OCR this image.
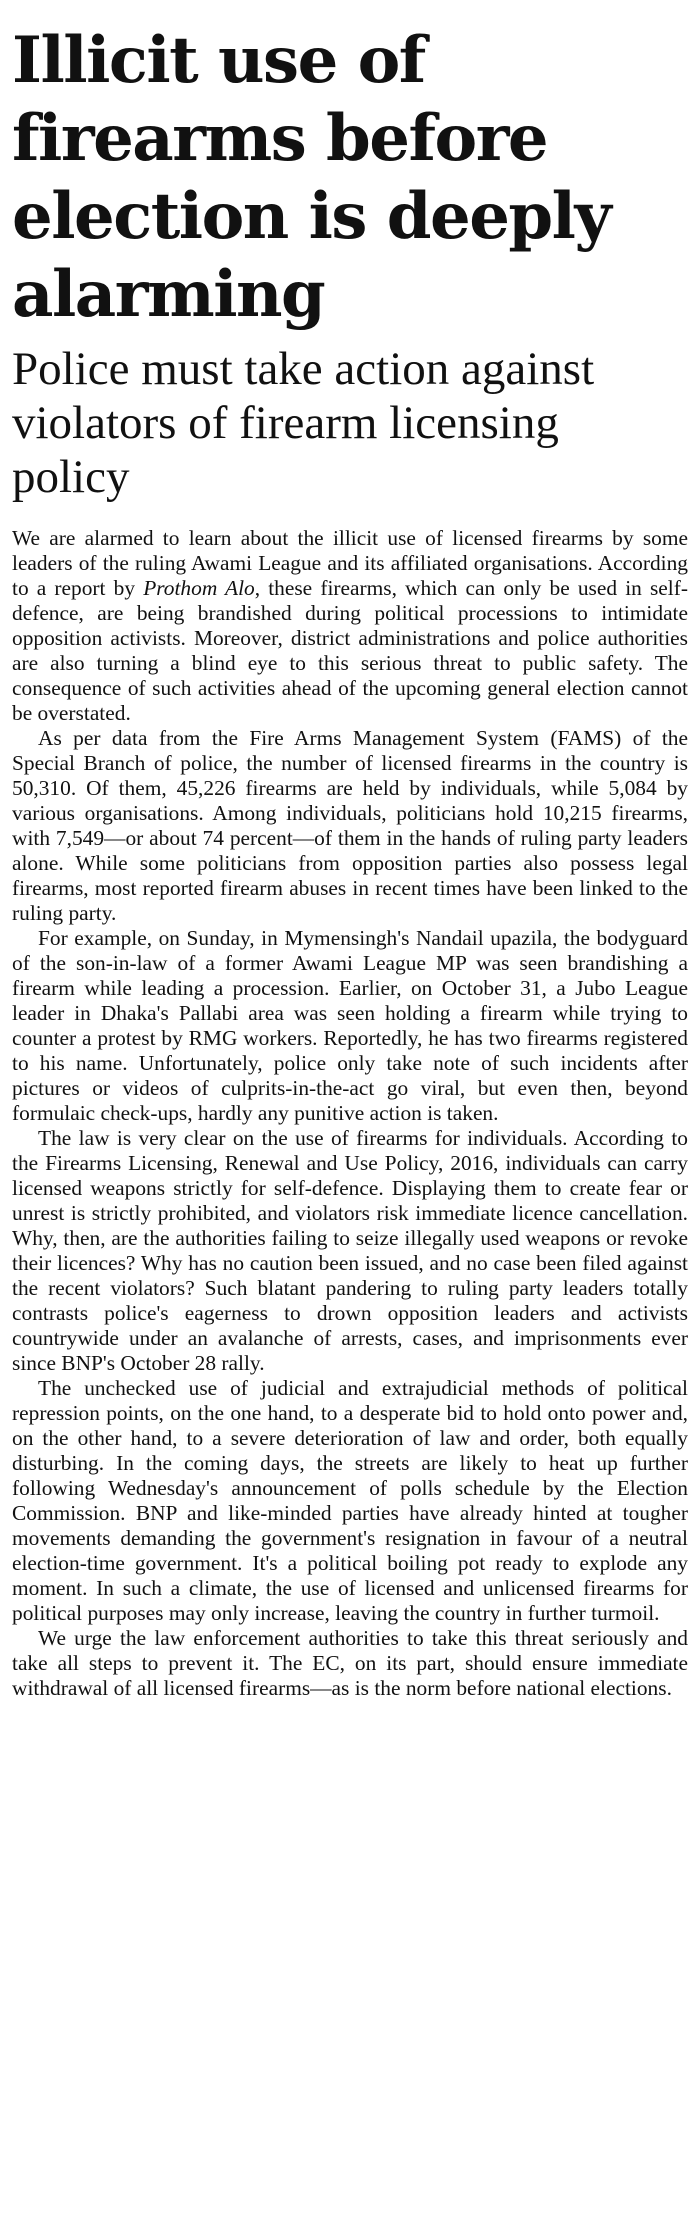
Illicit use of firearms before election is deeply alarming
Police must take action against violators of firearm licensing policy

We are alarmed to learn about the illicit use of licensed firearms by some leaders of the ruling Awami League and its affiliated organisations. According to a report by Prothom Alo, these firearms, which can only be used in self-defence, are being brandished during political processions to intimidate opposition activists. Moreover, district administrations and police authorities are also turning a blind eye to this serious threat to public safety. The consequence of such activities ahead of the upcoming general election cannot be overstated.

As per data from the Fire Arms Management System (FAMS) of the Special Branch of police, the number of licensed firearms in the country is 50,310. Of them, 45,226 firearms are held by individuals, while 5,084 by various organisations. Among individuals, politicians hold 10,215 firearms, with 7,549—or about 74 percent—of them in the hands of ruling party leaders alone. While some politicians from opposition parties also possess legal firearms, most reported firearm abuses in recent times have been linked to the ruling party.

For example, on Sunday, in Mymensingh's Nandail upazila, the bodyguard of the son-in-law of a former Awami League MP was seen brandishing a firearm while leading a procession. Earlier, on October 31, a Jubo League leader in Dhaka's Pallabi area was seen holding a firearm while trying to counter a protest by RMG workers. Reportedly, he has two firearms registered to his name. Unfortunately, police only take note of such incidents after pictures or videos of culprits-in-the-act go viral, but even then, beyond formulaic check-ups, hardly any punitive action is taken.

The law is very clear on the use of firearms for individuals. According to the Firearms Licensing, Renewal and Use Policy, 2016, individuals can carry licensed weapons strictly for self-defence. Displaying them to create fear or unrest is strictly prohibited, and violators risk immediate licence cancellation. Why, then, are the authorities failing to seize illegally used weapons or revoke their licences? Why has no caution been issued, and no case been filed against the recent violators? Such blatant pandering to ruling party leaders totally contrasts police's eagerness to drown opposition leaders and activists countrywide under an avalanche of arrests, cases, and imprisonments ever since BNP's October 28 rally.

The unchecked use of judicial and extrajudicial methods of political repression points, on the one hand, to a desperate bid to hold onto power and, on the other hand, to a severe deterioration of law and order, both equally disturbing. In the coming days, the streets are likely to heat up further following Wednesday's announcement of polls schedule by the Election Commission. BNP and like-minded parties have already hinted at tougher movements demanding the government's resignation in favour of a neutral election-time government. It's a political boiling pot ready to explode any moment. In such a climate, the use of licensed and unlicensed firearms for political purposes may only increase, leaving the country in further turmoil.

We urge the law enforcement authorities to take this threat seriously and take all steps to prevent it. The EC, on its part, should ensure immediate withdrawal of all licensed firearms—as is the norm before national elections.
